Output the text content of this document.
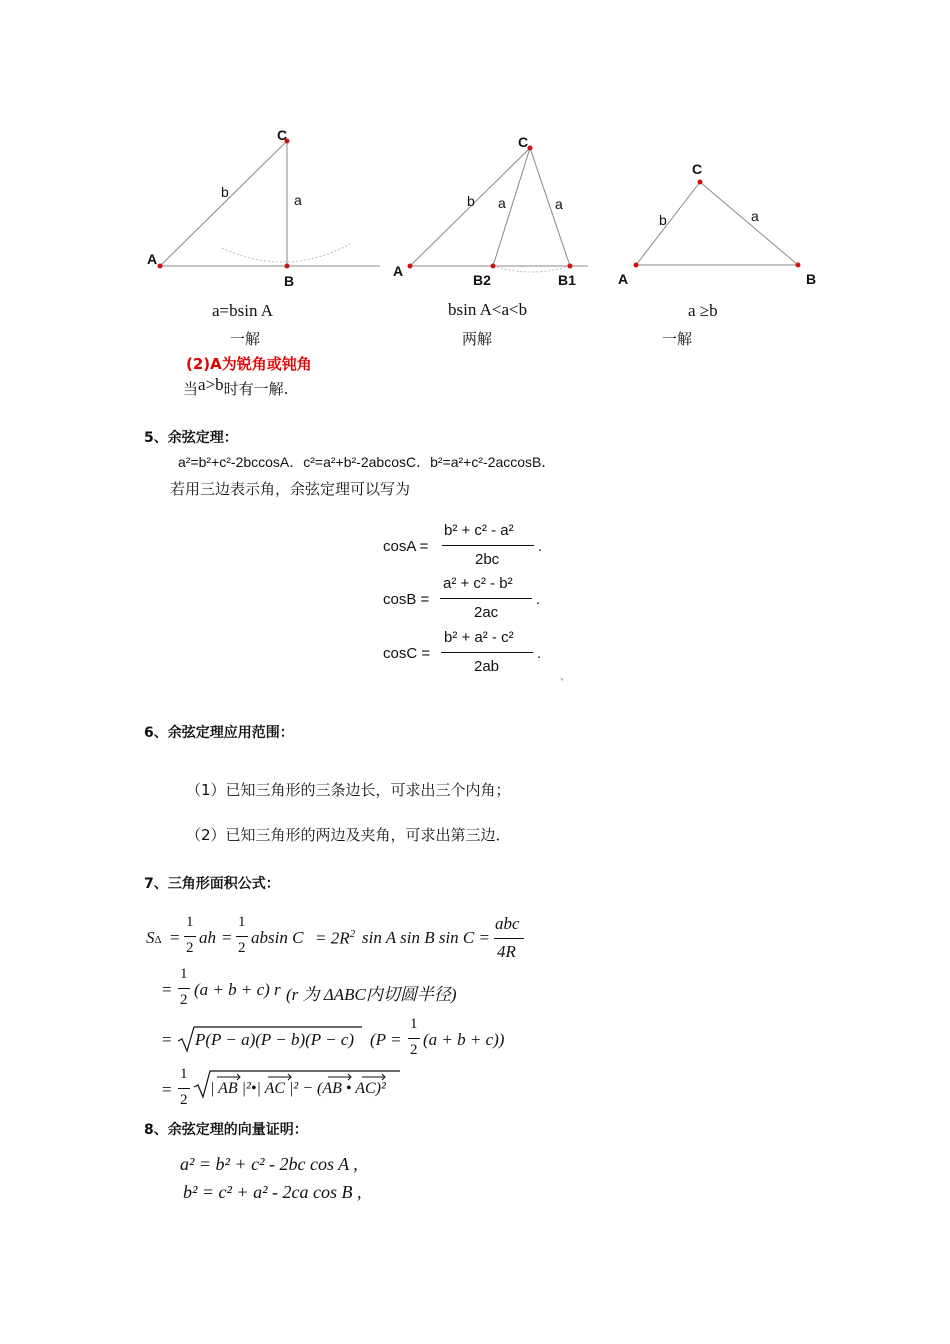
C
A
B
b	a
C
A
B2	B1
b a	a
C
A	B
b	a
a=bsin A
一解
bsin A<a<b
两解
a ≥b
一解
(2)A为锐角或钝角
当a>b时有一解.
5、余弦定理：
a²=b²+c²-2bccosA．c²=a²+b²-2abcosC．b²=a²+c²-2accosB．
若用三边表示角，余弦定理可以写为
cosA =
b² + c² - a²
2bc
.
cosB =
a² + c² - b²
2ac
.
cosC =
b² + a² - c²
2ab
.
、
6、余弦定理应用范围：
（1）已知三角形的三条边长，可求出三个内角；
（2）已知三角形的两边及夹角，可求出第三边．
7、三角形面积公式：
SΔ =
1
2
ah =
1
2
absin $C = 2R^2$ sin A sin B sin C =
abc
4R
=
1
2
(a + b + c) r (r 为 ΔABC内切圆半径)
= P(P − a)(P − b)(P − c) (P =
1
2
(a + b + c))
=
1
2
| AB |²•| AC |² − (AB • AC)²
8、余弦定理的向量证明：
a² = b² + c² - 2bc cos A ,
b² = c² + a² - 2ca cos B ,
